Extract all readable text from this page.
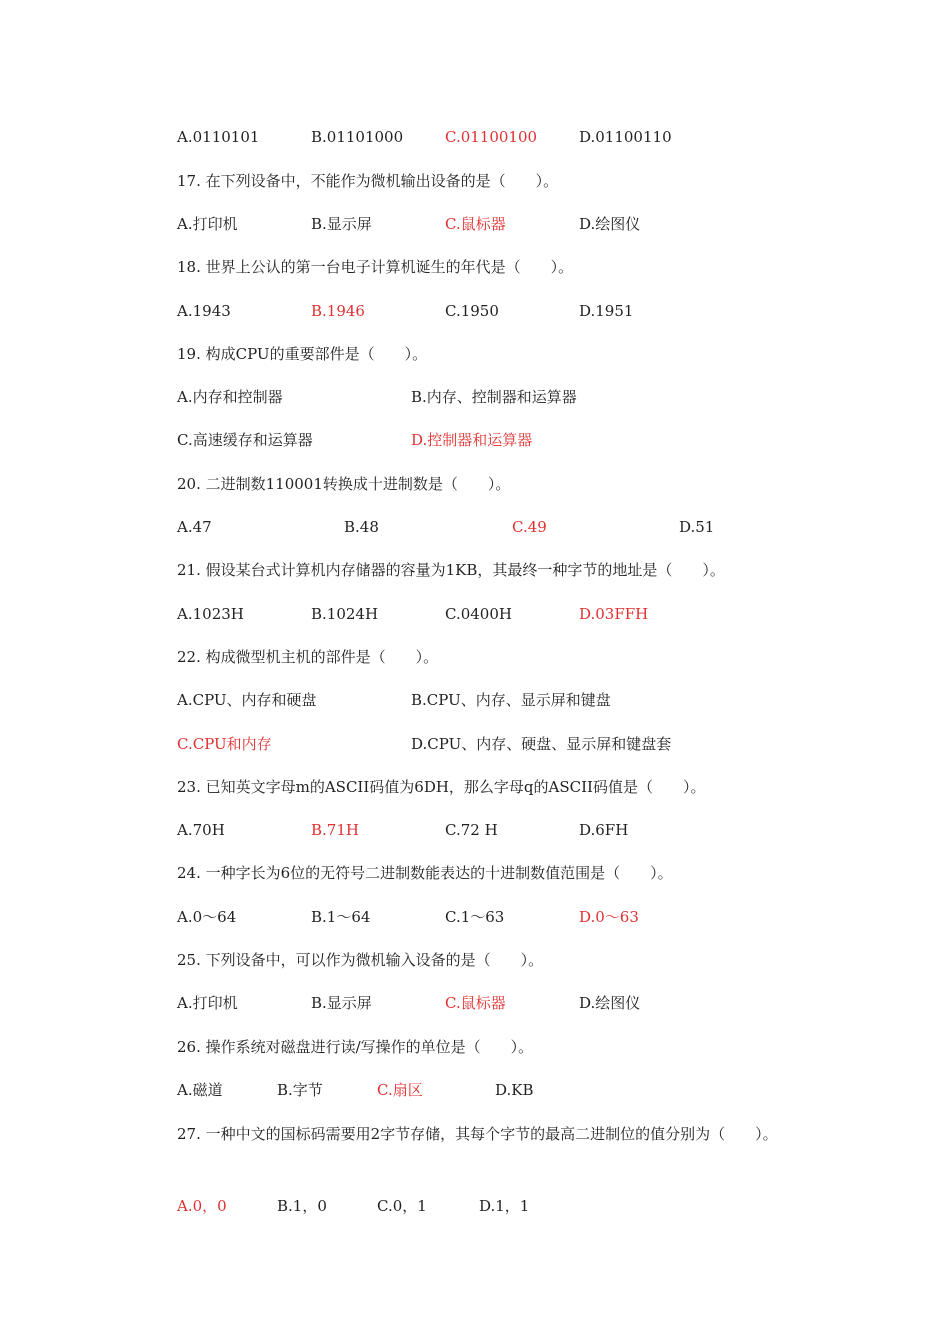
A.0110101	B.01101000	C.01100100	D.01100110
17. 在下列设备中，不能作为微机输出设备的是（　　）。
A.打印机	B.显示屏	C.鼠标器	D.绘图仪
18. 世界上公认的第一台电子计算机诞生的年代是（　　）。
A.1943	B.1946	C.1950	D.1951
19. 构成CPU的重要部件是（　　）。
A.内存和控制器	B.内存、控制器和运算器
C.高速缓存和运算器	D.控制器和运算器
20. 二进制数110001转换成十进制数是（　　）。
A.47	B.48	C.49	D.51
21. 假设某台式计算机内存储器的容量为1KB，其最终一种字节的地址是（　　）。
A.1023H	B.1024H	C.0400H	D.03FFH
22. 构成微型机主机的部件是（　　）。
A.CPU、内存和硬盘	B.CPU、内存、显示屏和键盘
C.CPU和内存	D.CPU、内存、硬盘、显示屏和键盘套
23. 已知英文字母m的ASCII码值为6DH，那么字母q的ASCII码值是（　　）。
A.70H	B.71H	C.72 H	D.6FH
24. 一种字长为6位的无符号二进制数能表达的十进制数值范围是（　　）。
A.0～64	B.1～64	C.1～63	D.0～63
25. 下列设备中，可以作为微机输入设备的是（　　）。
A.打印机	B.显示屏	C.鼠标器	D.绘图仪
26. 操作系统对磁盘进行读/写操作的单位是（　　）。
A.磁道	B.字节	C.扇区	D.KB
27. 一种中文的国标码需要用2字节存储，其每个字节的最高二进制位的值分别为（　　）。
A.0，0	B.1，0	C.0，1	D.1，1
